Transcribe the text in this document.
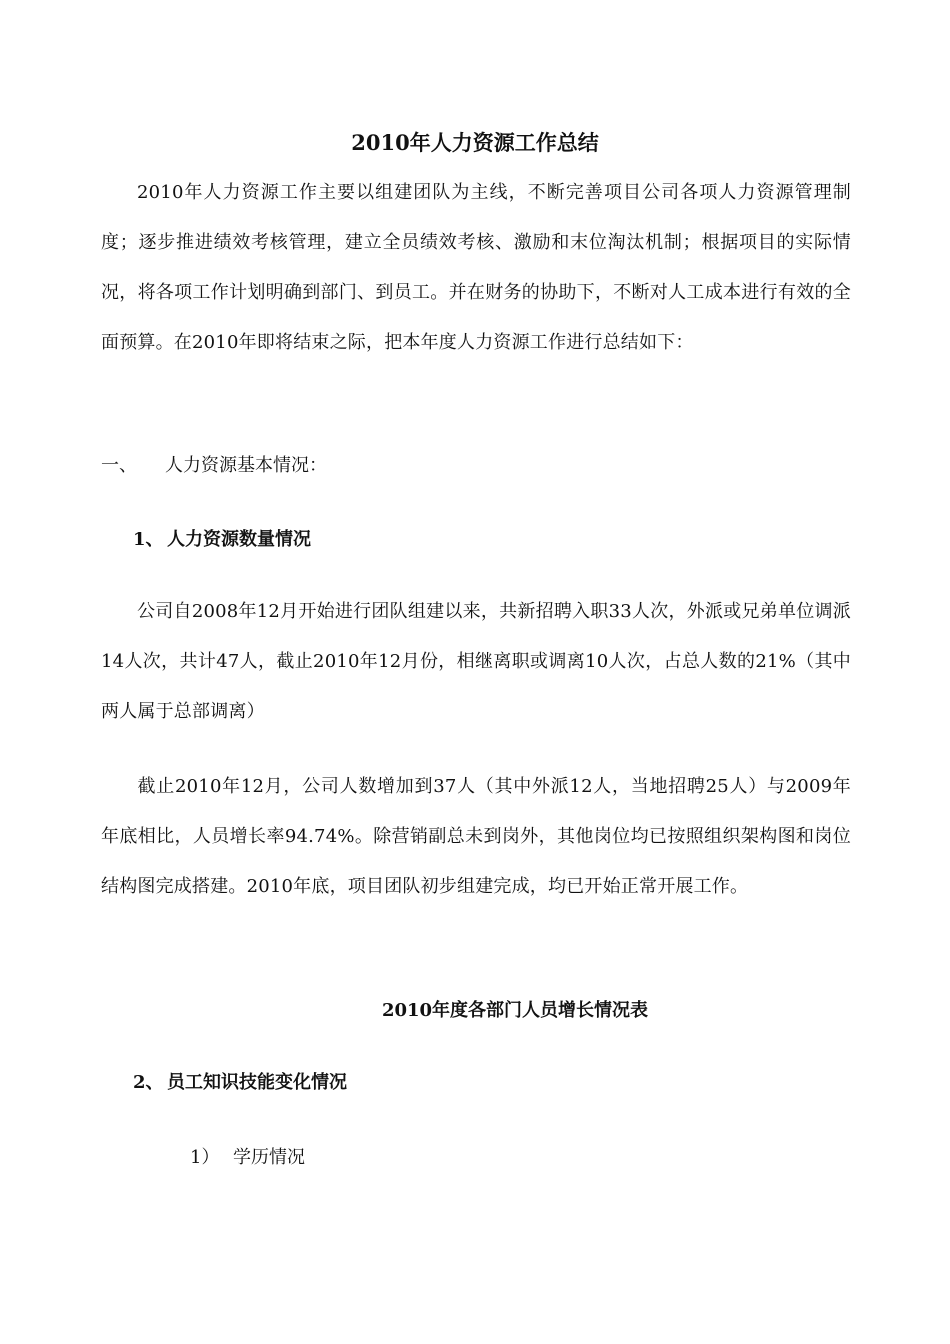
2010年人力资源工作总结

2010年人力资源工作主要以组建团队为主线，不断完善项目公司各项人力资源管理制度；逐步推进绩效考核管理，建立全员绩效考核、激励和末位淘汰机制；根据项目的实际情况，将各项工作计划明确到部门、到员工。并在财务的协助下，不断对人工成本进行有效的全面预算。在2010年即将结束之际，把本年度人力资源工作进行总结如下：

一、 人力资源基本情况：
1、 人力资源数量情况

公司自2008年12月开始进行团队组建以来，共新招聘入职33人次，外派或兄弟单位调派14人次，共计47人，截止2010年12月份，相继离职或调离10人次，占总人数的21%（其中两人属于总部调离）

截止2010年12月，公司人数增加到37人（其中外派12人，当地招聘25人）与2009年年底相比，人员增长率94.74%。除营销副总未到岗外，其他岗位均已按照组织架构图和岗位结构图完成搭建。2010年底，项目团队初步组建完成，均已开始正常开展工作。

2010年度各部门人员增长情况表
2、 员工知识技能变化情况
1） 学历情况
